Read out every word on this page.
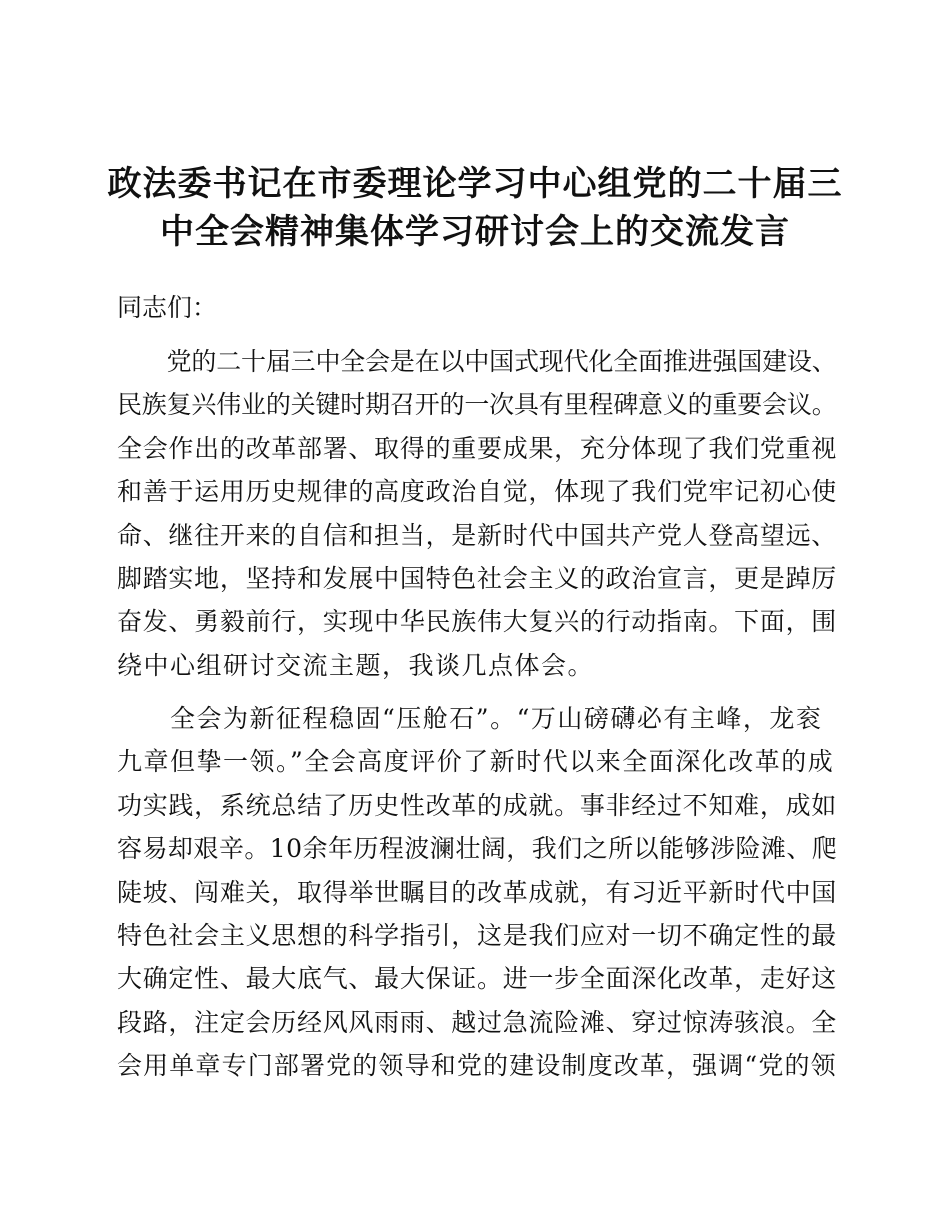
政法委书记在市委理论学习中心组党的二十届三
中全会精神集体学习研讨会上的交流发言

同志们：

　　党的二十届三中全会是在以中国式现代化全面推进强国建设、
民族复兴伟业的关键时期召开的一次具有里程碑意义的重要会议。
全会作出的改革部署、取得的重要成果，充分体现了我们党重视
和善于运用历史规律的高度政治自觉，体现了我们党牢记初心使
命、继往开来的自信和担当，是新时代中国共产党人登高望远、
脚踏实地，坚持和发展中国特色社会主义的政治宣言，更是踔厉
奋发、勇毅前行，实现中华民族伟大复兴的行动指南。下面，围
绕中心组研讨交流主题，我谈几点体会。

　　全会为新征程稳固“压舱石”。“万山磅礴必有主峰，龙衮
九章但挚一领。”全会高度评价了新时代以来全面深化改革的成
功实践，系统总结了历史性改革的成就。事非经过不知难，成如
容易却艰辛。10余年历程波澜壮阔，我们之所以能够涉险滩、爬
陡坡、闯难关，取得举世瞩目的改革成就，有习近平新时代中国
特色社会主义思想的科学指引，这是我们应对一切不确定性的最
大确定性、最大底气、最大保证。进一步全面深化改革，走好这
段路，注定会历经风风雨雨、越过急流险滩、穿过惊涛骇浪。全
会用单章专门部署党的领导和党的建设制度改革，强调“党的领
